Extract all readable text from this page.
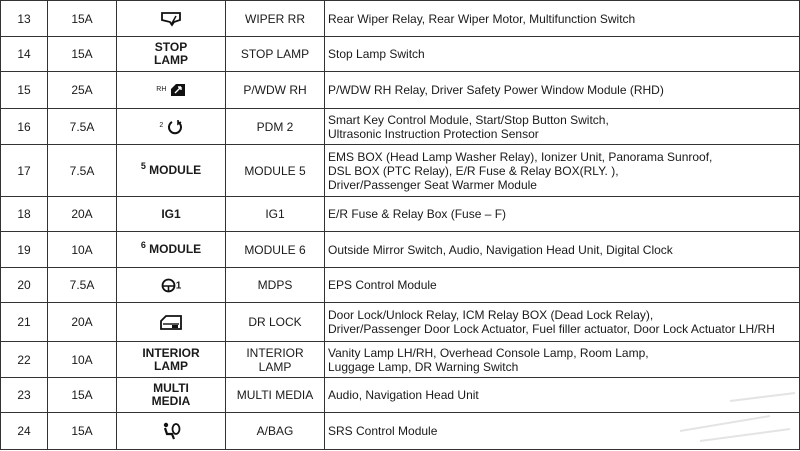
13	15A		WIPER RR	Rear Wiper Relay, Rear Wiper Motor, Multifunction Switch
14	15A	STOP LAMP	STOP LAMP	Stop Lamp Switch
15	25A	$^{RH}$	P/WDW RH	P/WDW RH Relay, Driver Safety Power Window Module (RHD)
16	7.5A	$^2$	PDM 2	Smart Key Control Module, Start/Stop Button Switch,
Ultrasonic Instruction Protection Sensor
17	7.5A	$^5$ MODULE	MODULE 5	EMS BOX (Head Lamp Washer Relay), Ionizer Unit, Panorama Sunroof,
DSL BOX (PTC Relay), E/R Fuse & Relay BOX(RLY. ),
Driver/Passenger Seat Warmer Module
18	20A	IG1	IG1	E/R Fuse & Relay Box (Fuse – F)
19	10A	$^6$ MODULE	MODULE 6	Outside Mirror Switch, Audio, Navigation Head Unit, Digital Clock
20	7.5A	1	MDPS	EPS Control Module
21	20A		DR LOCK	Door Lock/Unlock Relay, ICM Relay BOX (Dead Lock Relay),
Driver/Passenger Door Lock Actuator, Fuel filler actuator, Door Lock Actuator LH/RH
22	10A	INTERIOR LAMP	INTERIOR LAMP	Vanity Lamp LH/RH, Overhead Console Lamp, Room Lamp,
Luggage Lamp, DR Warning Switch
23	15A	MULTI MEDIA	MULTI MEDIA	Audio, Navigation Head Unit
24	15A		A/BAG	SRS Control Module
